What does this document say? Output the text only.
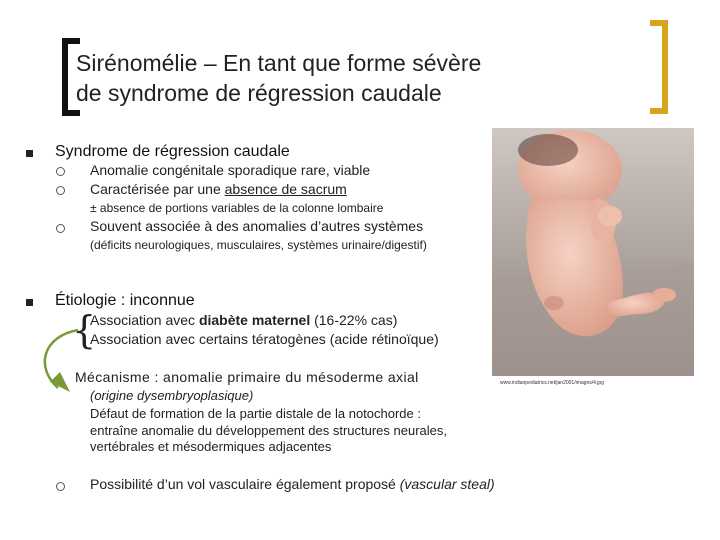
Sirénomélie – En tant que forme sévère
de syndrome de régression caudale
Syndrome de régression caudale
Anomalie congénitale sporadique rare, viable
Caractérisée par une absence de sacrum
± absence de portions variables de la colonne lombaire
Souvent associée à des anomalies d’autres systèmes
(déficits neurologiques, musculaires, systèmes urinaire/digestif)
Étiologie : inconnue
{
Association avec diabète maternel (16-22% cas)
Association avec certains tératogènes (acide rétinoïque)
Mécanisme : anomalie primaire du mésoderme axial
(origine dysembryoplasique)
Défaut de formation de la partie distale de la notochorde :
entraîne anomalie du développement des structures neurales,
vertébrales et mésodermiques adjacentes
Possibilité d’un vol vasculaire également proposé (vascular steal)
www.indianpediatrics.net/jan2001/images/4.jpg
